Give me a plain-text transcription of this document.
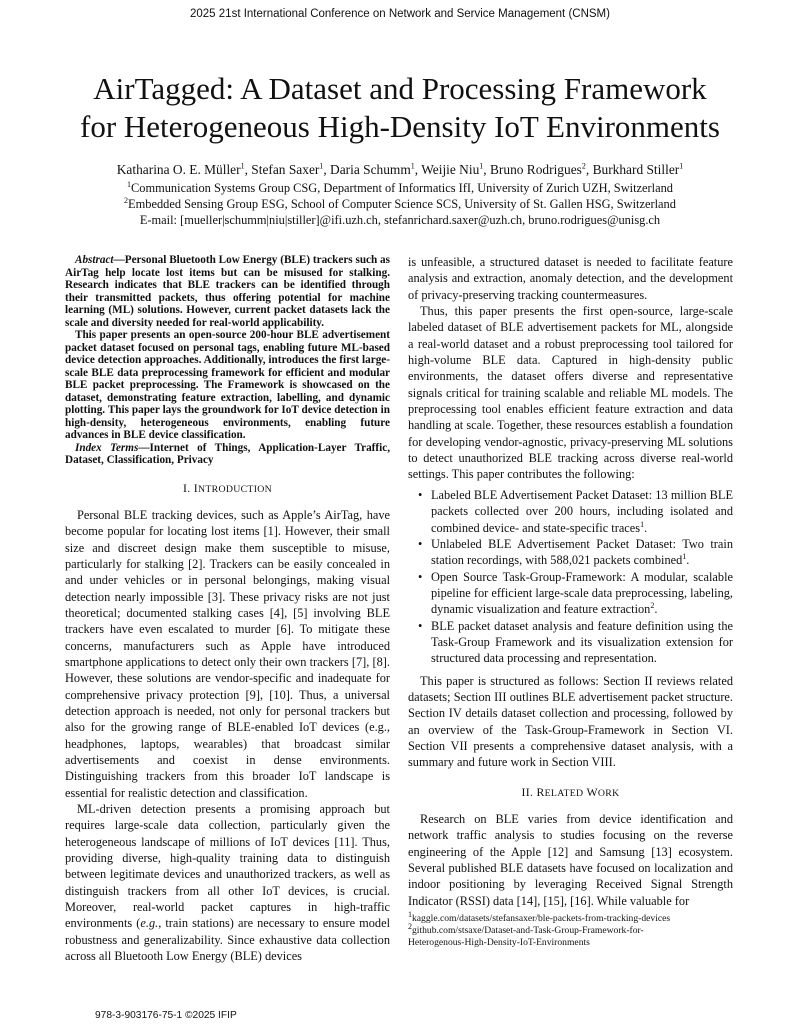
2025 21st International Conference on Network and Service Management (CNSM)
AirTagged: A Dataset and Processing Framework
for Heterogeneous High-Density IoT Environments
Katharina O. E. Müller$^1$, Stefan Saxer$^1$, Daria Schumm$^1$, Weijie Niu$^1$, Bruno Rodrigues$^2$, Burkhard Stiller$^1$
$^1$Communication Systems Group CSG, Department of Informatics IfI, University of Zurich UZH, Switzerland
$^2$Embedded Sensing Group ESG, School of Computer Science SCS, University of St. Gallen HSG, Switzerland
E-mail: [mueller|schumm|niu|stiller]@ifi.uzh.ch, stefanrichard.saxer@uzh.ch, bruno.rodrigues@unisg.ch

Abstract—Personal Bluetooth Low Energy (BLE) trackers such as AirTag help locate lost items but can be misused for stalking. Research indicates that BLE trackers can be identified through their transmitted packets, thus offering potential for machine learning (ML) solutions. However, current packet datasets lack the scale and diversity needed for real-world applicability.

This paper presents an open-source 200-hour BLE advertisement packet dataset focused on personal tags, enabling future ML-based device detection approaches. Additionally, introduces the first large-scale BLE data preprocessing framework for efficient and modular BLE packet preprocessing. The Framework is showcased on the dataset, demonstrating feature extraction, labelling, and dynamic plotting. This paper lays the groundwork for IoT device detection in high-density, heterogeneous environments, enabling future advances in BLE device classification.

Index Terms—Internet of Things, Application-Layer Traffic, Dataset, Classification, Privacy

I. INTRODUCTION

Personal BLE tracking devices, such as Apple’s AirTag, have become popular for locating lost items [1]. However, their small size and discreet design make them susceptible to misuse, particularly for stalking [2]. Trackers can be easily concealed in and under vehicles or in personal belongings, making visual detection nearly impossible [3]. These privacy risks are not just theoretical; documented stalking cases [4], [5] involving BLE trackers have even escalated to murder [6]. To mitigate these concerns, manufacturers such as Apple have introduced smartphone applications to detect only their own trackers [7], [8]. However, these solutions are vendor-specific and inadequate for comprehensive privacy protection [9], [10]. Thus, a universal detection approach is needed, not only for personal trackers but also for the growing range of BLE-enabled IoT devices (e.g., headphones, laptops, wearables) that broadcast similar advertisements and coexist in dense environments. Distinguishing trackers from this broader IoT landscape is essential for realistic detection and classification.

ML-driven detection presents a promising approach but requires large-scale data collection, particularly given the heterogeneous landscape of millions of IoT devices [11]. Thus, providing diverse, high-quality training data to distinguish between legitimate devices and unauthorized trackers, as well as distinguish trackers from all other IoT devices, is crucial. Moreover, real-world packet captures in high-traffic environments (e.g., train stations) are necessary to ensure model robustness and generalizability. Since exhaustive data collection across all Bluetooth Low Energy (BLE) devices

is unfeasible, a structured dataset is needed to facilitate feature analysis and extraction, anomaly detection, and the development of privacy-preserving tracking countermeasures.

Thus, this paper presents the first open-source, large-scale labeled dataset of BLE advertisement packets for ML, alongside a real-world dataset and a robust preprocessing tool tailored for high-volume BLE data. Captured in high-density public environments, the dataset offers diverse and representative signals critical for training scalable and reliable ML models. The preprocessing tool enables efficient feature extraction and data handling at scale. Together, these resources establish a foundation for developing vendor-agnostic, privacy-preserving ML solutions to detect unauthorized BLE tracking across diverse real-world settings. This paper contributes the following:

• Labeled BLE Advertisement Packet Dataset: 13 million BLE packets collected over 200 hours, including isolated and combined device- and state-specific traces$^1$.
• Unlabeled BLE Advertisement Packet Dataset: Two train station recordings, with 588,021 packets combined$^1$.
• Open Source Task-Group-Framework: A modular, scalable pipeline for efficient large-scale data preprocessing, labeling, dynamic visualization and feature extraction$^2$.
• BLE packet dataset analysis and feature definition using the Task-Group Framework and its visualization extension for structured data processing and representation.

This paper is structured as follows: Section II reviews related datasets; Section III outlines BLE advertisement packet structure. Section IV details dataset collection and processing, followed by an overview of the Task-Group-Framework in Section VI. Section VII presents a comprehensive dataset analysis, with a summary and future work in Section VIII.

II. RELATED WORK

Research on BLE varies from device identification and network traffic analysis to studies focusing on the reverse engineering of the Apple [12] and Samsung [13] ecosystem. Several published BLE datasets have focused on localization and indoor positioning by leveraging Received Signal Strength Indicator (RSSI) data [14], [15], [16]. While valuable for

$^1$kaggle.com/datasets/stefansaxer/ble-packets-from-tracking-devices
$^2$github.com/stsaxe/Dataset-and-Task-Group-Framework-for-
Heterogenous-High-Density-IoT-Environments
978-3-903176-75-1 ©2025 IFIP
